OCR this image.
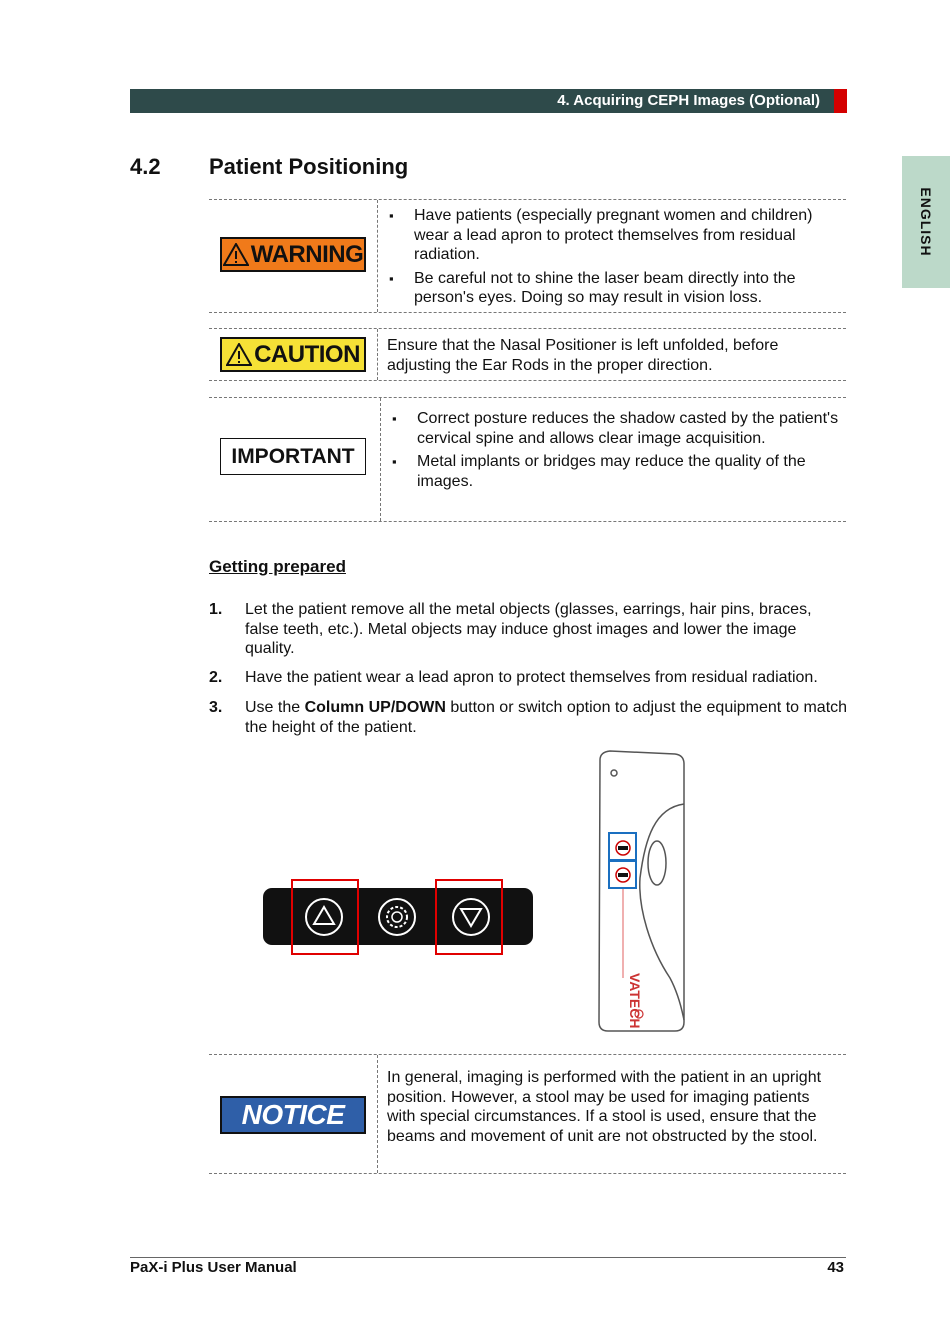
4. Acquiring CEPH Images (Optional)
ENGLISH
4.2 Patient Positioning
WARNING
▪ Have patients (especially pregnant women and children) wear a lead apron to protect themselves from residual radiation.
▪ Be careful not to shine the laser beam directly into the person's eyes. Doing so may result in vision loss.
CAUTION Ensure that the Nasal Positioner is left unfolded, before adjusting the Ear Rods in the proper direction.
IMPORTANT
▪ Correct posture reduces the shadow casted by the patient's cervical spine and allows clear image acquisition.
▪ Metal implants or bridges may reduce the quality of the images.
Getting prepared
1. Let the patient remove all the metal objects (glasses, earrings, hair pins, braces, false teeth, etc.). Metal objects may induce ghost images and lower the image quality.
2. Have the patient wear a lead apron to protect themselves from residual radiation.
3. Use the Column UP/DOWN button or switch option to adjust the equipment to match the height of the patient.
VATECH
NOTICE
In general, imaging is performed with the patient in an upright position. However, a stool may be used for imaging patients with special circumstances. If a stool is used, ensure that the beams and movement of unit are not obstructed by the stool.
PaX-i Plus User Manual	43
